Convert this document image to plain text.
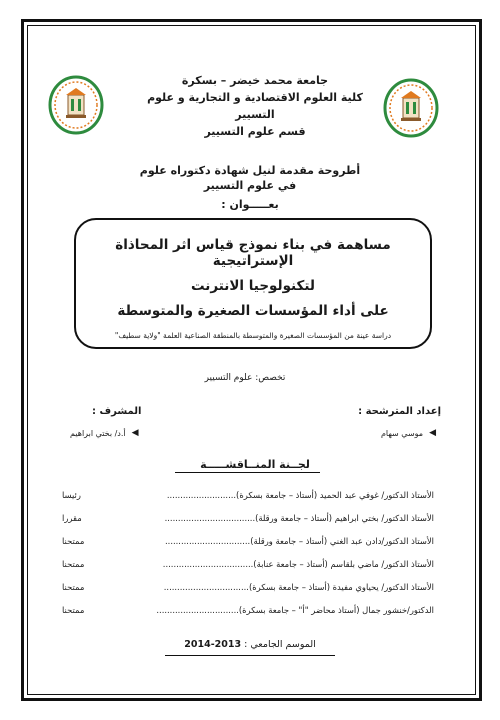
جامعة محمد خيضر – بسكرة
كلية العلوم الاقتصادية و التجارية و علوم التسيير
قسم علوم التسيير
أطروحة مقدمة لنيل شهادة دكتوراه علوم
في علوم التسيير
بعـــــوان :
مساهمة في بناء نموذج قياس اثر المحاذاة الإستراتيجية
لتكنولوجيا الانترنت
على أداء المؤسسات الصغيرة والمتوسطة
دراسة عينة من المؤسسات الصغيرة والمتوسطة بالمنطقة الصناعية العلمة "ولاية سطيف"
تخصص: علوم التسيير
إعداد المترشحة :
◀
موسي سهام
المشرف :
◀
أ.د/ بختي ابراهيم
لجــنة المنــاقشـــــة
الأستاذ الدكتور/ غوفي عبد الحميد (أستاذ – جامعة بسكرة)..........................
رئيسا
الأستاذ الدكتور/ بختي ابراهيم (أستاذ – جامعة ورقلة)..................................
مقررا
الأستاذ الدكتور/دادن عبد الغني (أستاذ – جامعة ورقلة)................................
ممتحنا
الأستاذ الدكتور/ ماضي بلقاسم (أستاذ – جامعة عنابة)..................................
ممتحنا
الأستاذ الدكتور/ يحياوي مفيدة (أستاذ – جامعة بسكرة)................................
ممتحنا
الدكتور/خنشور جمال (أستاذ محاضر "أ" – جامعة بسكرة)...............................
ممتحنا
الموسم الجامعي : 2013-2014
